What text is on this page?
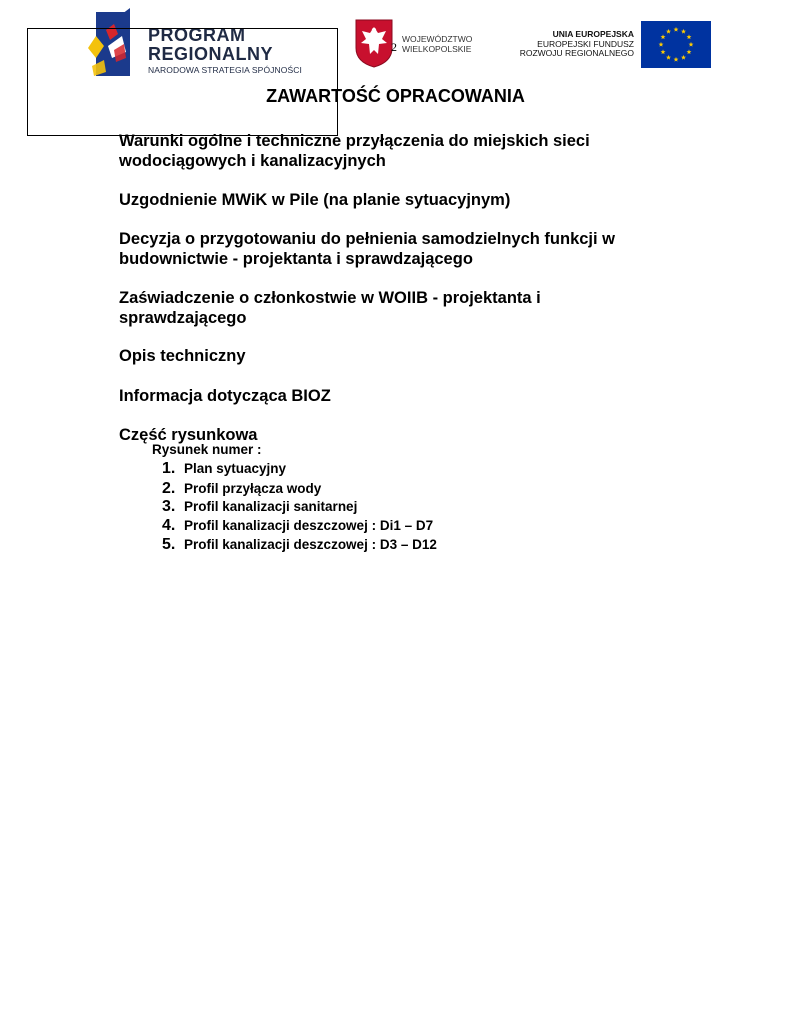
PROGRAM
REGIONALNY
NARODOWA STRATEGIA SPÓJNOŚCI
2
WOJEWÓDZTWO
WIELKOPOLSKIE
UNIA EUROPEJSKA
EUROPEJSKI FUNDUSZ
ROZWOJU REGIONALNEGO
ZAWARTOŚĆ OPRACOWANIA
Warunki ogólne i techniczne przyłączenia do miejskich sieci
wodociągowych i kanalizacyjnych
Uzgodnienie MWiK w Pile (na planie sytuacyjnym)
Decyzja o przygotowaniu do pełnienia samodzielnych funkcji w
budownictwie - projektanta i sprawdzającego
Zaświadczenie o członkostwie w WOIIB - projektanta i
sprawdzającego
Opis techniczny
Informacja dotycząca BIOZ
Część rysunkowa
Rysunek numer :
1. Plan sytuacyjny
2. Profil przyłącza wody
3. Profil kanalizacji sanitarnej
4. Profil kanalizacji deszczowej : Di1 – D7
5. Profil kanalizacji deszczowej : D3 – D12
